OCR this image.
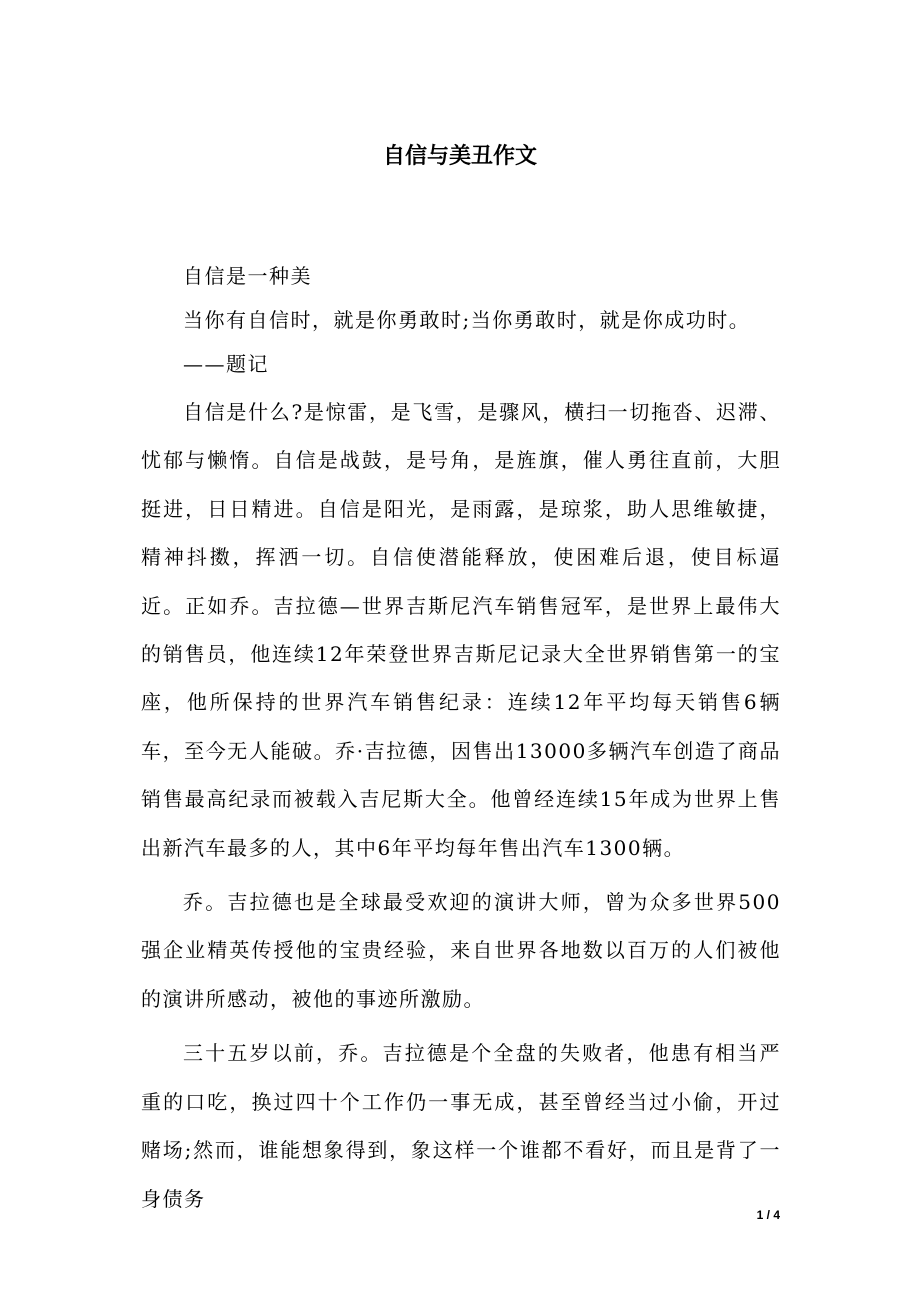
自信与美丑作文

自信是一种美

当你有自信时，就是你勇敢时;当你勇敢时，就是你成功时。

——题记

自信是什么?是惊雷，是飞雪，是骤风，横扫一切拖沓、迟滞、忧郁与懒惰。自信是战鼓，是号角，是旌旗，催人勇往直前，大胆挺进，日日精进。自信是阳光，是雨露，是琼浆，助人思维敏捷，精神抖擞，挥洒一切。自信使潜能释放，使困难后退，使目标逼近。正如乔。吉拉德—世界吉斯尼汽车销售冠军，是世界上最伟大的销售员，他连续12年荣登世界吉斯尼记录大全世界销售第一的宝座，他所保持的世界汽车销售纪录：连续12年平均每天销售6辆车，至今无人能破。乔·吉拉德，因售出13000多辆汽车创造了商品销售最高纪录而被载入吉尼斯大全。他曾经连续15年成为世界上售出新汽车最多的人，其中6年平均每年售出汽车1300辆。

乔。吉拉德也是全球最受欢迎的演讲大师，曾为众多世界500强企业精英传授他的宝贵经验，来自世界各地数以百万的人们被他的演讲所感动，被他的事迹所激励。

三十五岁以前，乔。吉拉德是个全盘的失败者，他患有相当严重的口吃，换过四十个工作仍一事无成，甚至曾经当过小偷，开过赌场;然而，谁能想象得到，象这样一个谁都不看好，而且是背了一身债务

1 / 4
